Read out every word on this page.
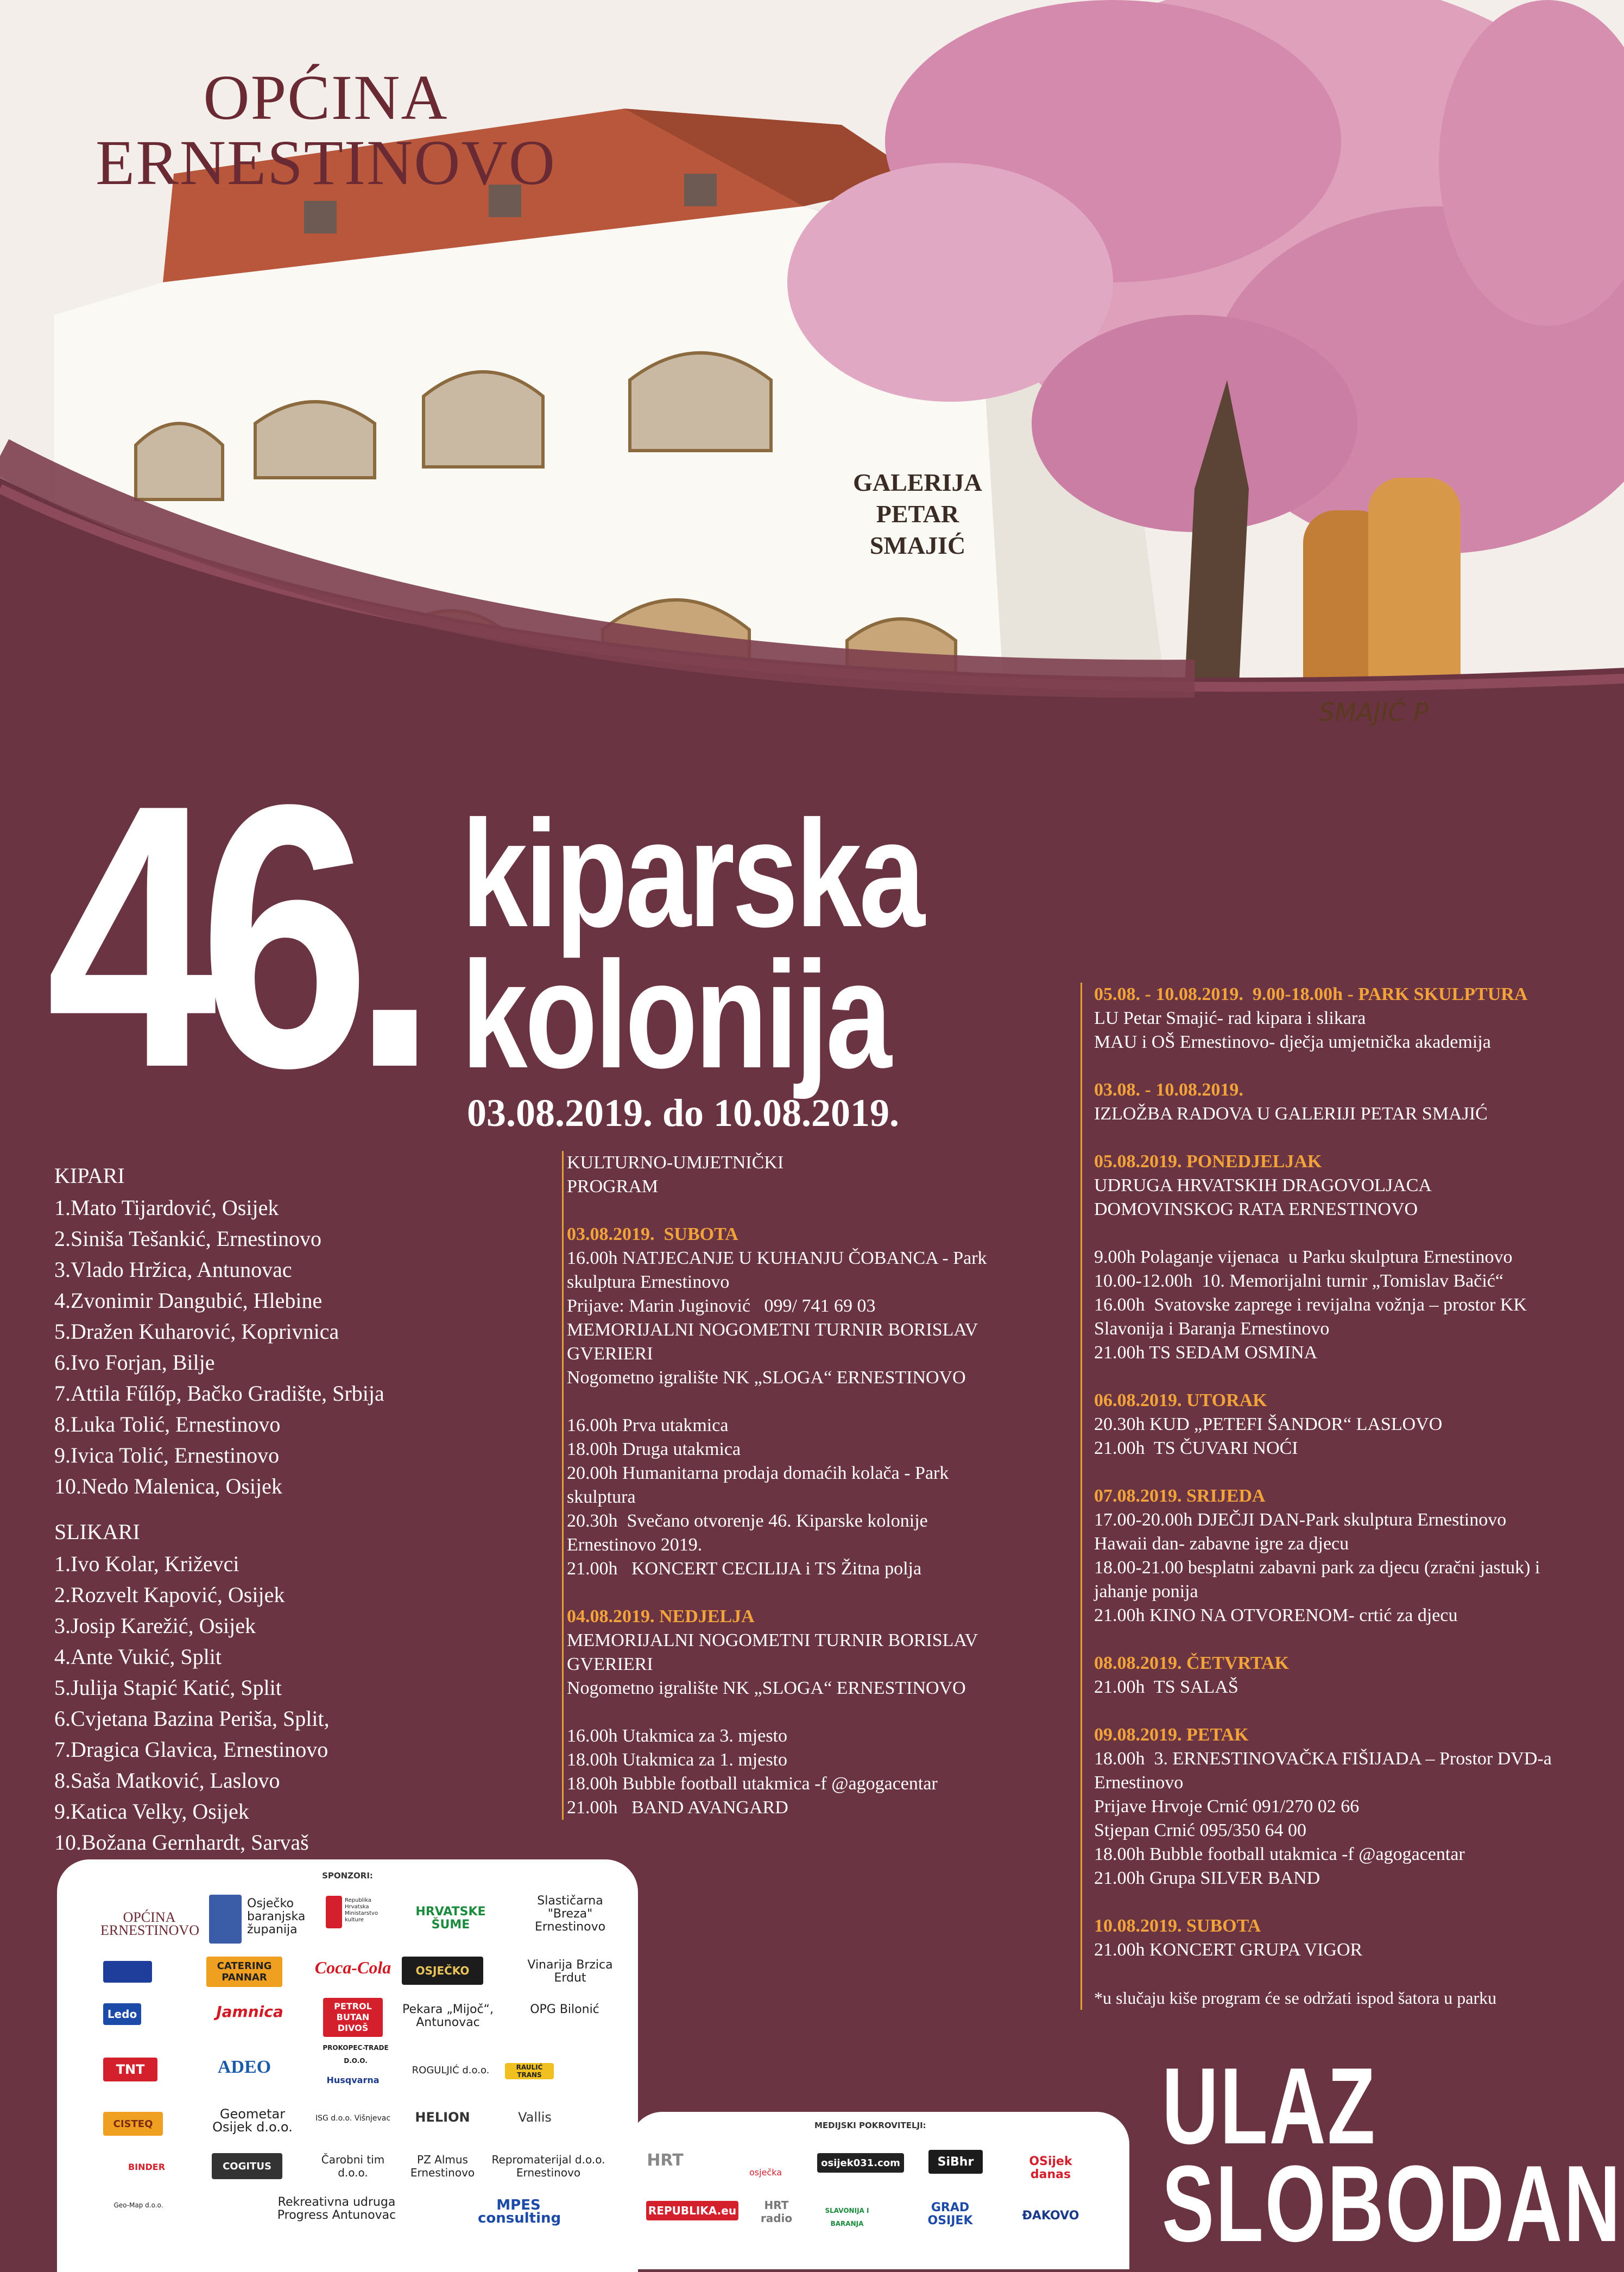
OPĆINA
ERNESTINOVO
GALERIJA
PETAR
SMAJIĆ
SMAJIĆ P
46. kiparska
kolonija
03.08.2019. do 10.08.2019.
KIPARI
1.Mato Tijardović, Osijek
2.Siniša Tešankić, Ernestinovo
3.Vlado Hržica, Antunovac
4.Zvonimir Dangubić, Hlebine
5.Dražen Kuharović, Koprivnica
6.Ivo Forjan, Bilje
7.Attila Fűlőp, Bačko Gradište, Srbija
8.Luka Tolić, Ernestinovo
9.Ivica Tolić, Ernestinovo
10.Nedo Malenica, Osijek
SLIKARI
1.Ivo Kolar, Križevci
2.Rozvelt Kapović, Osijek
3.Josip Karežić, Osijek
4.Ante Vukić, Split
5.Julija Stapić Katić, Split
6.Cvjetana Bazina Periša, Split,
7.Dragica Glavica, Ernestinovo
8.Saša Matković, Laslovo
9.Katica Velky, Osijek
10.Božana Gernhardt, Sarvaš
KULTURNO-UMJETNIČKI
PROGRAM
03.08.2019.  SUBOTA
16.00h NATJECANJE U KUHANJU ČOBANCA - Park
skulptura Ernestinovo
Prijave: Marin Juginović   099/ 741 69 03
MEMORIJALNI NOGOMETNI TURNIR BORISLAV
GVERIERI
Nogometno igralište NK „SLOGA“ ERNESTINOVO
16.00h Prva utakmica
18.00h Druga utakmica
20.00h Humanitarna prodaja domaćih kolača - Park
skulptura
20.30h  Svečano otvorenje 46. Kiparske kolonije
Ernestinovo 2019.
21.00h   KONCERT CECILIJA i TS Žitna polja
04.08.2019. NEDJELJA
MEMORIJALNI NOGOMETNI TURNIR BORISLAV
GVERIERI
Nogometno igralište NK „SLOGA“ ERNESTINOVO
16.00h Utakmica za 3. mjesto
18.00h Utakmica za 1. mjesto
18.00h Bubble football utakmica -f @agogacentar
21.00h   BAND AVANGARD
05.08. - 10.08.2019.  9.00-18.00h - PARK SKULPTURA
LU Petar Smajić- rad kipara i slikara
MAU i OŠ Ernestinovo- dječja umjetnička akademija
03.08. - 10.08.2019.
IZLOŽBA RADOVA U GALERIJI PETAR SMAJIĆ
05.08.2019. PONEDJELJAK
UDRUGA HRVATSKIH DRAGOVOLJACA
DOMOVINSKOG RATA ERNESTINOVO
9.00h Polaganje vijenaca  u Parku skulptura Ernestinovo
10.00-12.00h  10. Memorijalni turnir „Tomislav Bačić“
16.00h  Svatovske zaprege i revijalna vožnja – prostor KK
Slavonija i Baranja Ernestinovo
21.00h TS SEDAM OSMINA
06.08.2019. UTORAK
20.30h KUD „PETEFI ŠANDOR“ LASLOVO
21.00h  TS ČUVARI NOĆI
07.08.2019. SRIJEDA
17.00-20.00h DJEČJI DAN-Park skulptura Ernestinovo
Hawaii dan- zabavne igre za djecu
18.00-21.00 besplatni zabavni park za djecu (zračni jastuk) i
jahanje ponija
21.00h KINO NA OTVORENOM- crtić za djecu
08.08.2019. ČETVRTAK
21.00h  TS SALAŠ
09.08.2019. PETAK
18.00h  3. ERNESTINOVAČKA FIŠIJADA – Prostor DVD-a
Ernestinovo
Prijave Hrvoje Crnić 091/270 02 66
Stjepan Crnić 095/350 64 00
18.00h Bubble football utakmica -f @agogacentar
21.00h Grupa SILVER BAND
10.08.2019. SUBOTA
21.00h KONCERT GRUPA VIGOR
*u slučaju kiše program će se održati ispod šatora u parku
SPONZORI:
OPĆINA ERNESTINOVO
Osječko baranjska županija
Republika Hrvatska Ministarstvo kulture
HRVATSKE ŠUME
Slastičarna "Breza" Ernestinovo
CATERING PANNAR
Coca-Cola	OSJEČKO	Vinarija Brzica Erdut
Ledo	Jamnica	PETROL BUTAN DIVOŠ
Pekara „Mijoč“, Antunovac
OPG Bilonić
PROKOPEC-TRADE D.O.O.
TNT	ADEO
Husqvarna
ROGULJIĆ d.o.o.	RAULIĆ TRANS
CISTEQ
Geometar Osijek d.o.o.
ISG d.o.o. Višnjevac	HELION	Vallis
BINDER	COGITUS	Čarobni tim d.o.o.
PZ Almus Ernestinovo
Repromaterijal d.o.o. Ernestinovo
Geo-Map d.o.o.	Rekreativna udruga Progress Antunovac
MPES consulting
MEDIJSKI POKROVITELJI:
HRT
osječka
osijek031.com	SiBhr	OSijek danas
REPUBLIKA.eu	HRT radio
SLAVONIJA I BARANJA
GRAD OSIJEK	ĐAKOVO
ULAZ
SLOBODAN
